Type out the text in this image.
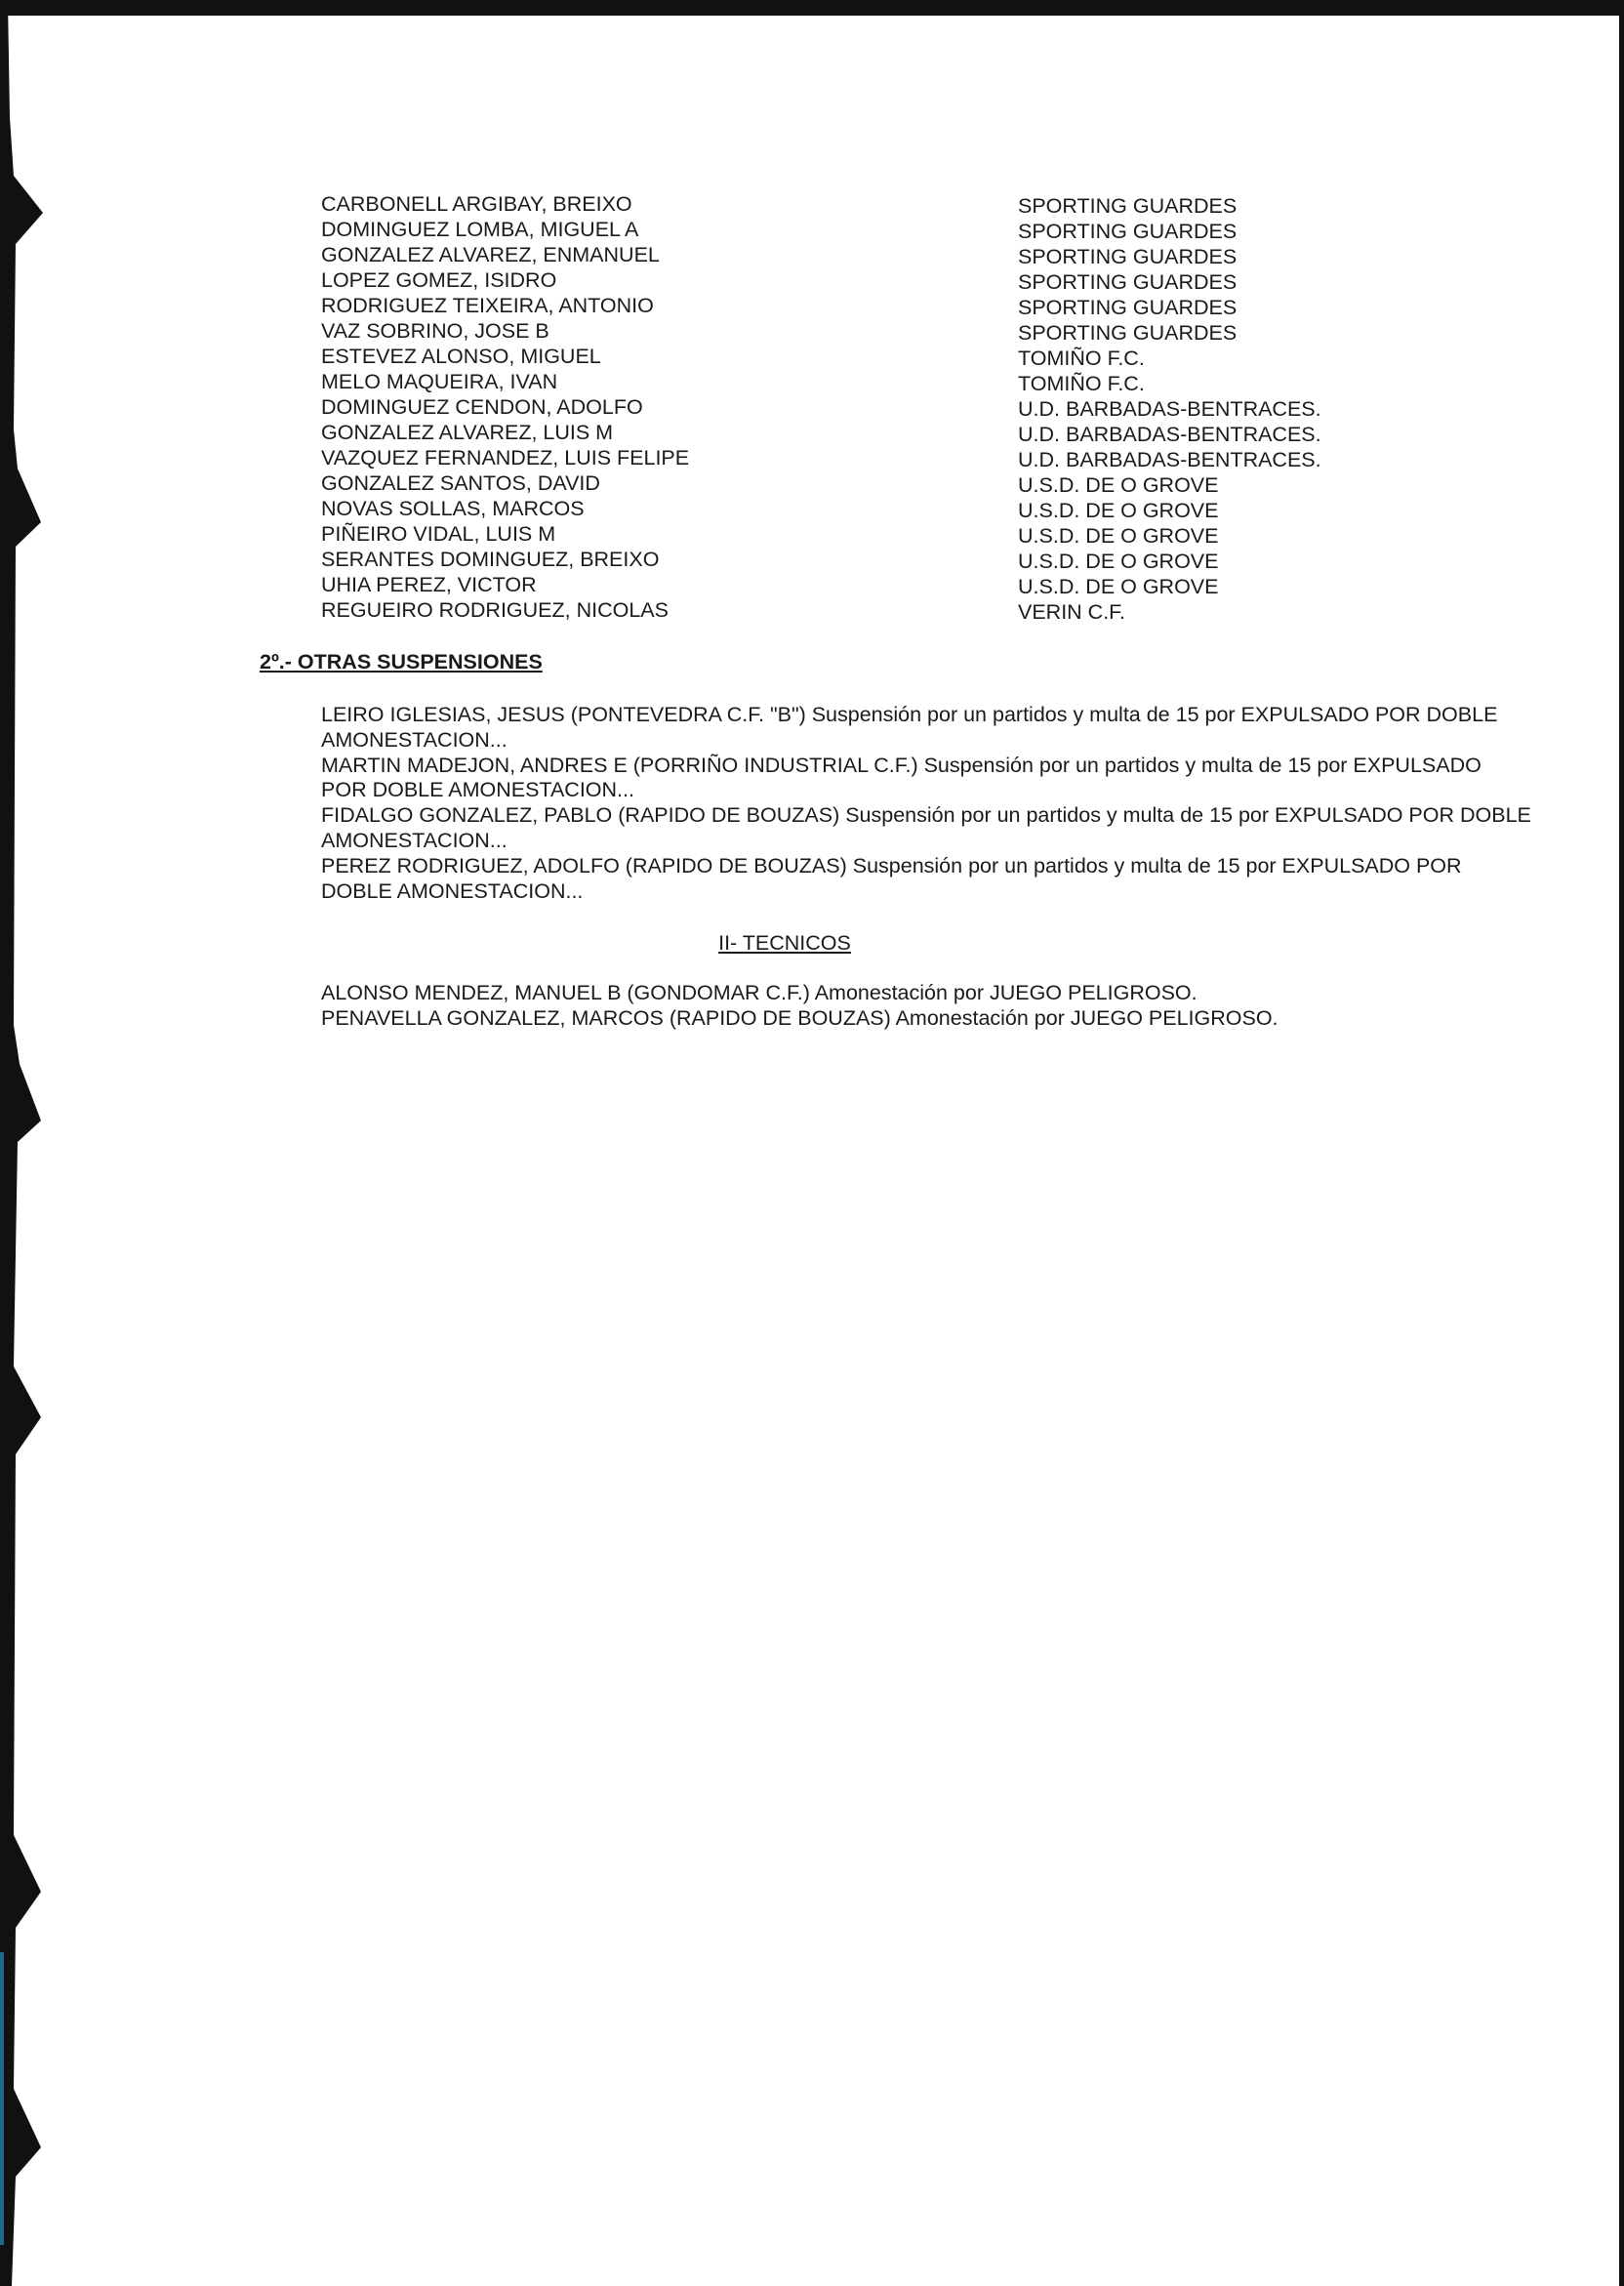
CARBONELL ARGIBAY, BREIXO	SPORTING GUARDES
DOMINGUEZ LOMBA, MIGUEL A	SPORTING GUARDES
GONZALEZ ALVAREZ, ENMANUEL	SPORTING GUARDES
LOPEZ GOMEZ, ISIDRO	SPORTING GUARDES
RODRIGUEZ TEIXEIRA, ANTONIO	SPORTING GUARDES
VAZ SOBRINO, JOSE B	SPORTING GUARDES
ESTEVEZ ALONSO, MIGUEL	TOMIÑO F.C.
MELO MAQUEIRA, IVAN	TOMIÑO F.C.
DOMINGUEZ CENDON, ADOLFO	U.D. BARBADAS-BENTRACES.
GONZALEZ ALVAREZ, LUIS M	U.D. BARBADAS-BENTRACES.
VAZQUEZ FERNANDEZ, LUIS FELIPE	U.D. BARBADAS-BENTRACES.
GONZALEZ SANTOS, DAVID	U.S.D. DE O GROVE
NOVAS SOLLAS, MARCOS	U.S.D. DE O GROVE
PIÑEIRO VIDAL, LUIS M	U.S.D. DE O GROVE
SERANTES DOMINGUEZ, BREIXO	U.S.D. DE O GROVE
UHIA PEREZ, VICTOR	U.S.D. DE O GROVE
REGUEIRO RODRIGUEZ, NICOLAS	VERIN C.F.
2º.- OTRAS SUSPENSIONES

LEIRO IGLESIAS, JESUS (PONTEVEDRA C.F. "B") Suspensión por un partidos y multa de 15 por EXPULSADO POR DOBLE AMONESTACION...

MARTIN MADEJON, ANDRES E (PORRIÑO INDUSTRIAL C.F.) Suspensión por un partidos y multa de 15 por EXPULSADO POR DOBLE AMONESTACION...

FIDALGO GONZALEZ, PABLO (RAPIDO DE BOUZAS) Suspensión por un partidos y multa de 15 por EXPULSADO POR DOBLE AMONESTACION...

PEREZ RODRIGUEZ, ADOLFO (RAPIDO DE BOUZAS) Suspensión por un partidos y multa de 15 por EXPULSADO POR DOBLE AMONESTACION...

II- TECNICOS

ALONSO MENDEZ, MANUEL B (GONDOMAR C.F.) Amonestación por JUEGO PELIGROSO.

PENAVELLA GONZALEZ, MARCOS (RAPIDO DE BOUZAS) Amonestación por JUEGO PELIGROSO.
